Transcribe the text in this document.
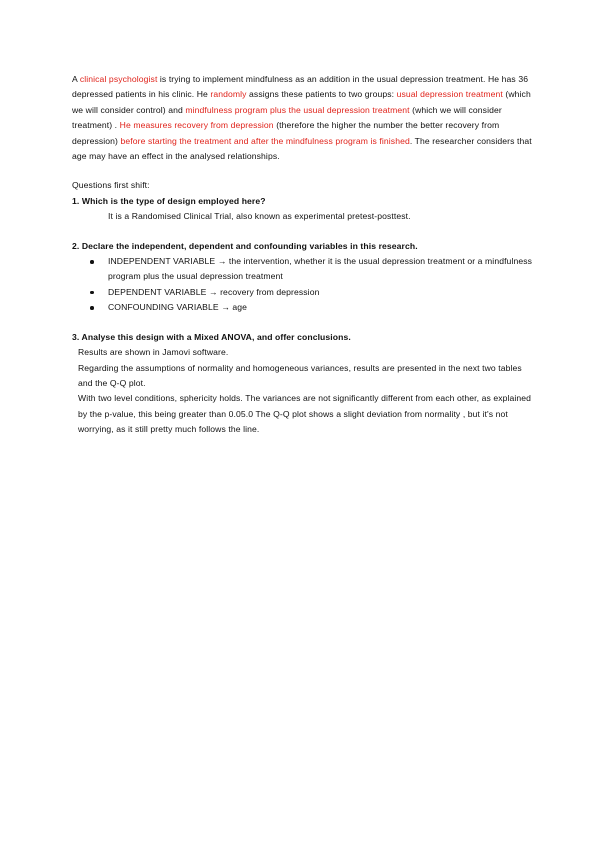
A clinical psychologist is trying to implement mindfulness as an addition in the usual depression treatment. He has 36 depressed patients in his clinic. He randomly assigns these patients to two groups: usual depression treatment (which we will consider control) and mindfulness program plus the usual depression treatment (which we will consider treatment) . He measures recovery from depression (therefore the higher the number the better recovery from depression) before starting the treatment and after the mindfulness program is finished. The researcher considers that age may have an effect in the analysed relationships.

Questions first shift:

1. Which is the type of design employed here?

It is a Randomised Clinical Trial, also known as experimental pretest-posttest.

2. Declare the independent, dependent and confounding variables in this research.

INDEPENDENT VARIABLE → the intervention, whether it is the usual depression treatment or a mindfulness program plus the usual depression treatment
DEPENDENT VARIABLE → recovery from depression
CONFOUNDING VARIABLE → age

3. Analyse this design with a Mixed ANOVA, and offer conclusions.

Results are shown in Jamovi software.
Regarding the assumptions of normality and homogeneous variances, results are presented in the next two tables and the Q-Q plot.
With two level conditions, sphericity holds. The variances are not significantly different from each other, as explained by the p-value, this being greater than 0.05.0 The Q-Q plot shows a slight deviation from normality , but it's not worrying, as it still pretty much follows the line.
